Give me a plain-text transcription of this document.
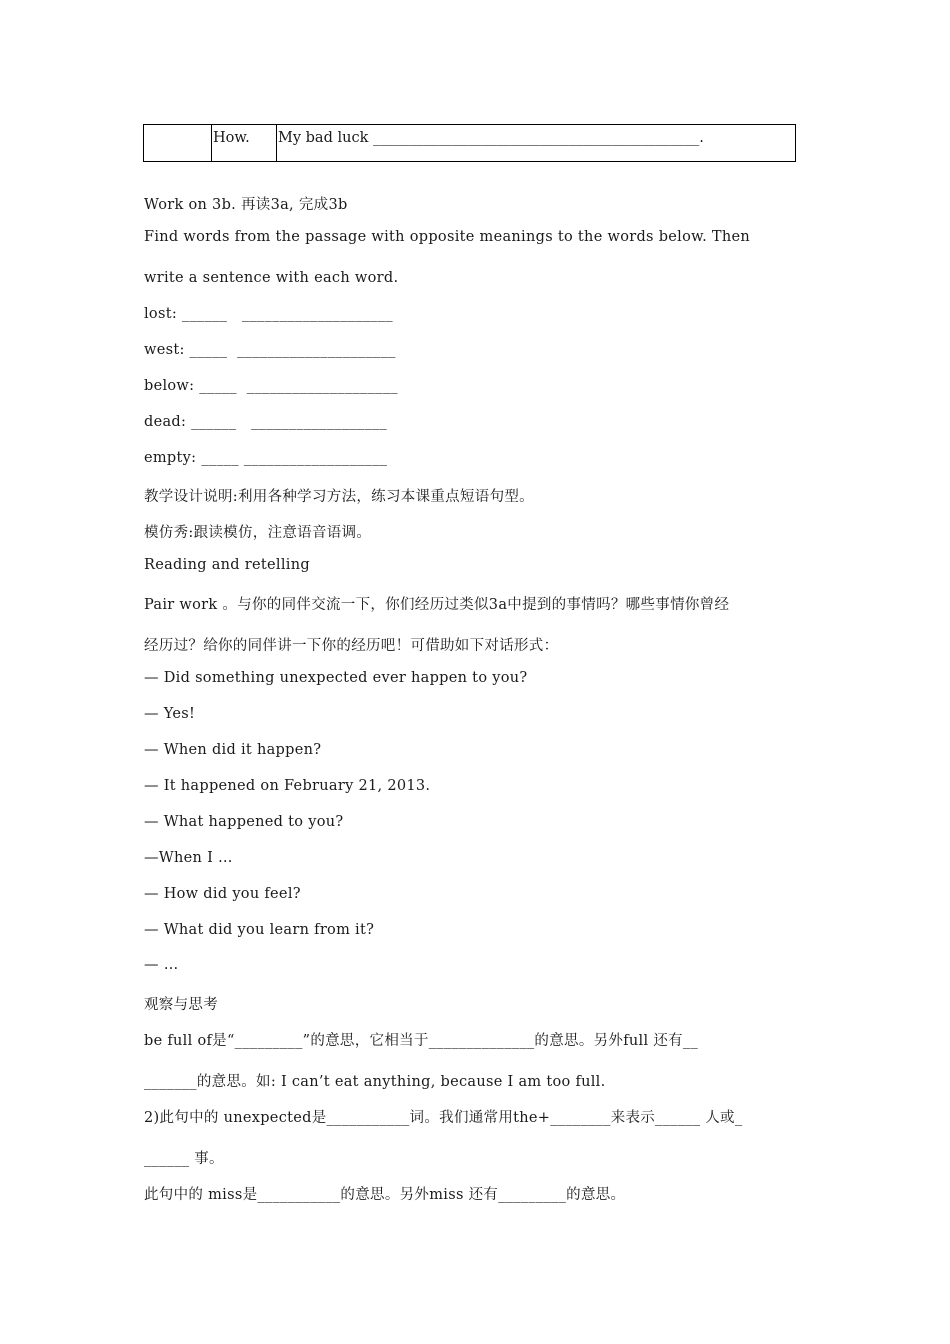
How.	My bad luck _____________________________________________.
Work on 3b. 再读3a, 完成3b
Find words from the passage with opposite meanings to the words below. Then
write a sentence with each word.
lost: ______   ____________________
west: _____  _____________________
below: _____  ____________________
dead: ______   __________________
empty: _____ ___________________
教学设计说明:利用各种学习方法，练习本课重点短语句型。
模仿秀:跟读模仿，注意语音语调。
Reading and retelling
Pair work 。与你的同伴交流一下，你们经历过类似3a中提到的事情吗？哪些事情你曾经
经历过？给你的同伴讲一下你的经历吧！可借助如下对话形式：
— Did something unexpected ever happen to you?
— Yes!
— When did it happen?
— It happened on February 21, 2013.
— What happened to you?
—When I …
— How did you feel?
— What did you learn from it?
— …
观察与思考
be full of是“_________”的意思，它相当于______________的意思。另外full 还有__
_______的意思。如: I can’t eat anything, because I am too full.
2)此句中的 unexpected是___________词。我们通常用the+________来表示______ 人或_
______ 事。
此句中的 miss是___________的意思。另外miss 还有_________的意思。
